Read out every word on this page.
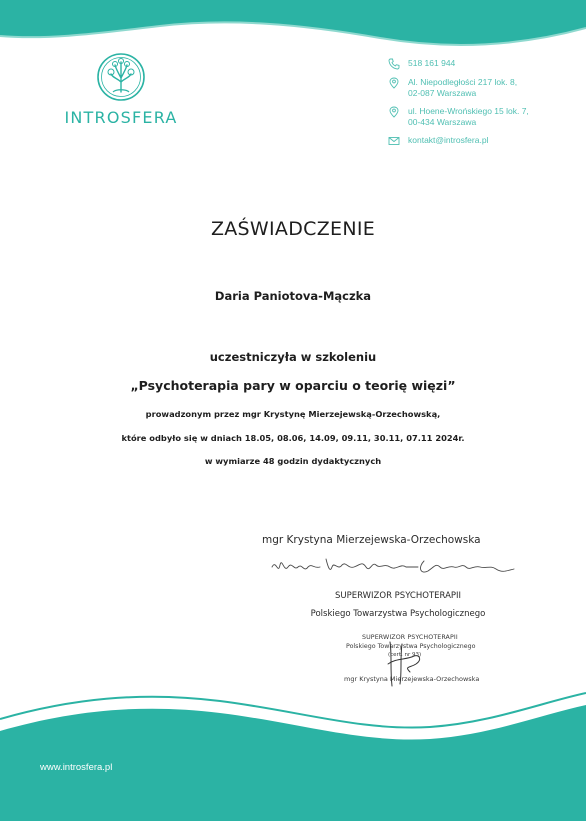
INTROSFERA
518 161 944
Al. Niepodległości 217 lok. 8,
02-087 Warszawa
ul. Hoene-Wrońskiego 15 lok. 7,
00-434 Warszawa
kontakt@introsfera.pl
ZAŚWIADCZENIE
Daria Paniotova-Mączka
uczestniczyła w szkoleniu
„Psychoterapia pary w oparciu o teorię więzi”
prowadzonym przez mgr Krystynę Mierzejewską-Orzechowską,
które odbyło się w dniach 18.05, 08.06, 14.09, 09.11, 30.11, 07.11 2024r.
w wymiarze 48 godzin dydaktycznych
mgr Krystyna Mierzejewska-Orzechowska
SUPERWIZOR PSYCHOTERAPII
Polskiego Towarzystwa Psychologicznego
SUPERWIZOR PSYCHOTERAPII
Polskiego Towarzystwa Psychologicznego
(cert. nr 93)
mgr Krystyna Mierzejewska-Orzechowska
www.introsfera.pl
